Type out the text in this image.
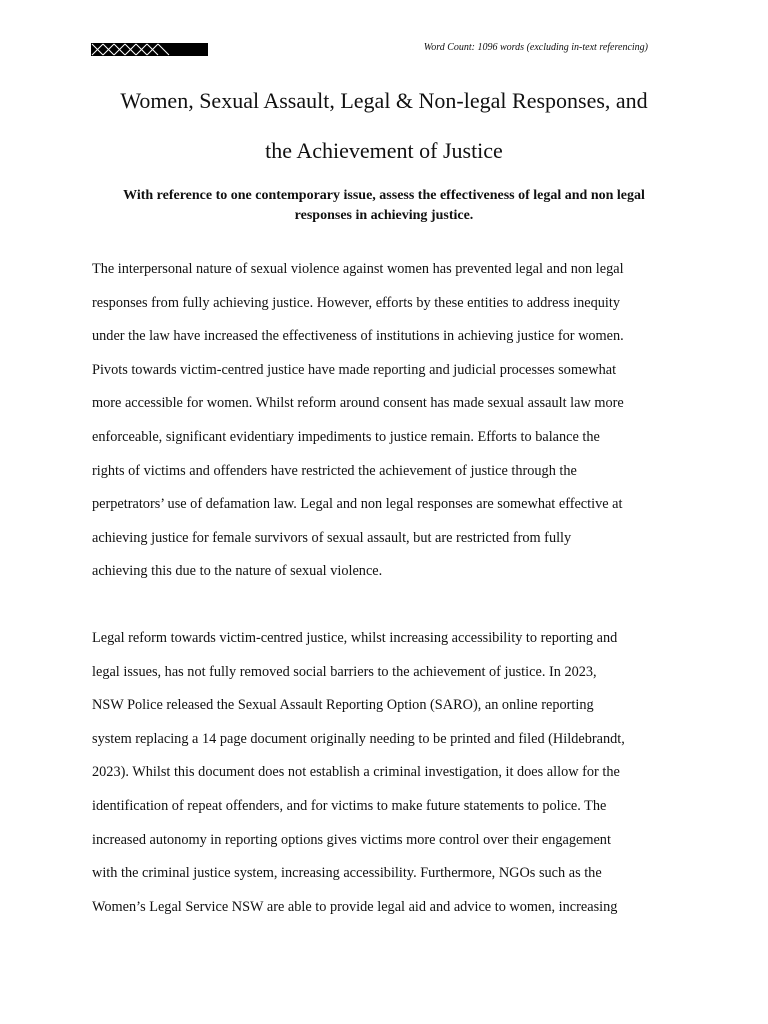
Word Count: 1096 words (excluding in-text referencing)
Women, Sexual Assault, Legal & Non-legal Responses, and
the Achievement of Justice
With reference to one contemporary issue, assess the effectiveness of legal and non legal
responses in achieving justice.
The interpersonal nature of sexual violence against women has prevented legal and non legal
responses from fully achieving justice. However, efforts by these entities to address inequity
under the law have increased the effectiveness of institutions in achieving justice for women.
Pivots towards victim-centred justice have made reporting and judicial processes somewhat
more accessible for women. Whilst reform around consent has made sexual assault law more
enforceable, significant evidentiary impediments to justice remain. Efforts to balance the
rights of victims and offenders have restricted the achievement of justice through the
perpetrators’ use of defamation law. Legal and non legal responses are somewhat effective at
achieving justice for female survivors of sexual assault, but are restricted from fully
achieving this due to the nature of sexual violence.
Legal reform towards victim-centred justice, whilst increasing accessibility to reporting and
legal issues, has not fully removed social barriers to the achievement of justice. In 2023,
NSW Police released the Sexual Assault Reporting Option (SARO), an online reporting
system replacing a 14 page document originally needing to be printed and filed (Hildebrandt,
2023). Whilst this document does not establish a criminal investigation, it does allow for the
identification of repeat offenders, and for victims to make future statements to police. The
increased autonomy in reporting options gives victims more control over their engagement
with the criminal justice system, increasing accessibility. Furthermore, NGOs such as the
Women’s Legal Service NSW are able to provide legal aid and advice to women, increasing
